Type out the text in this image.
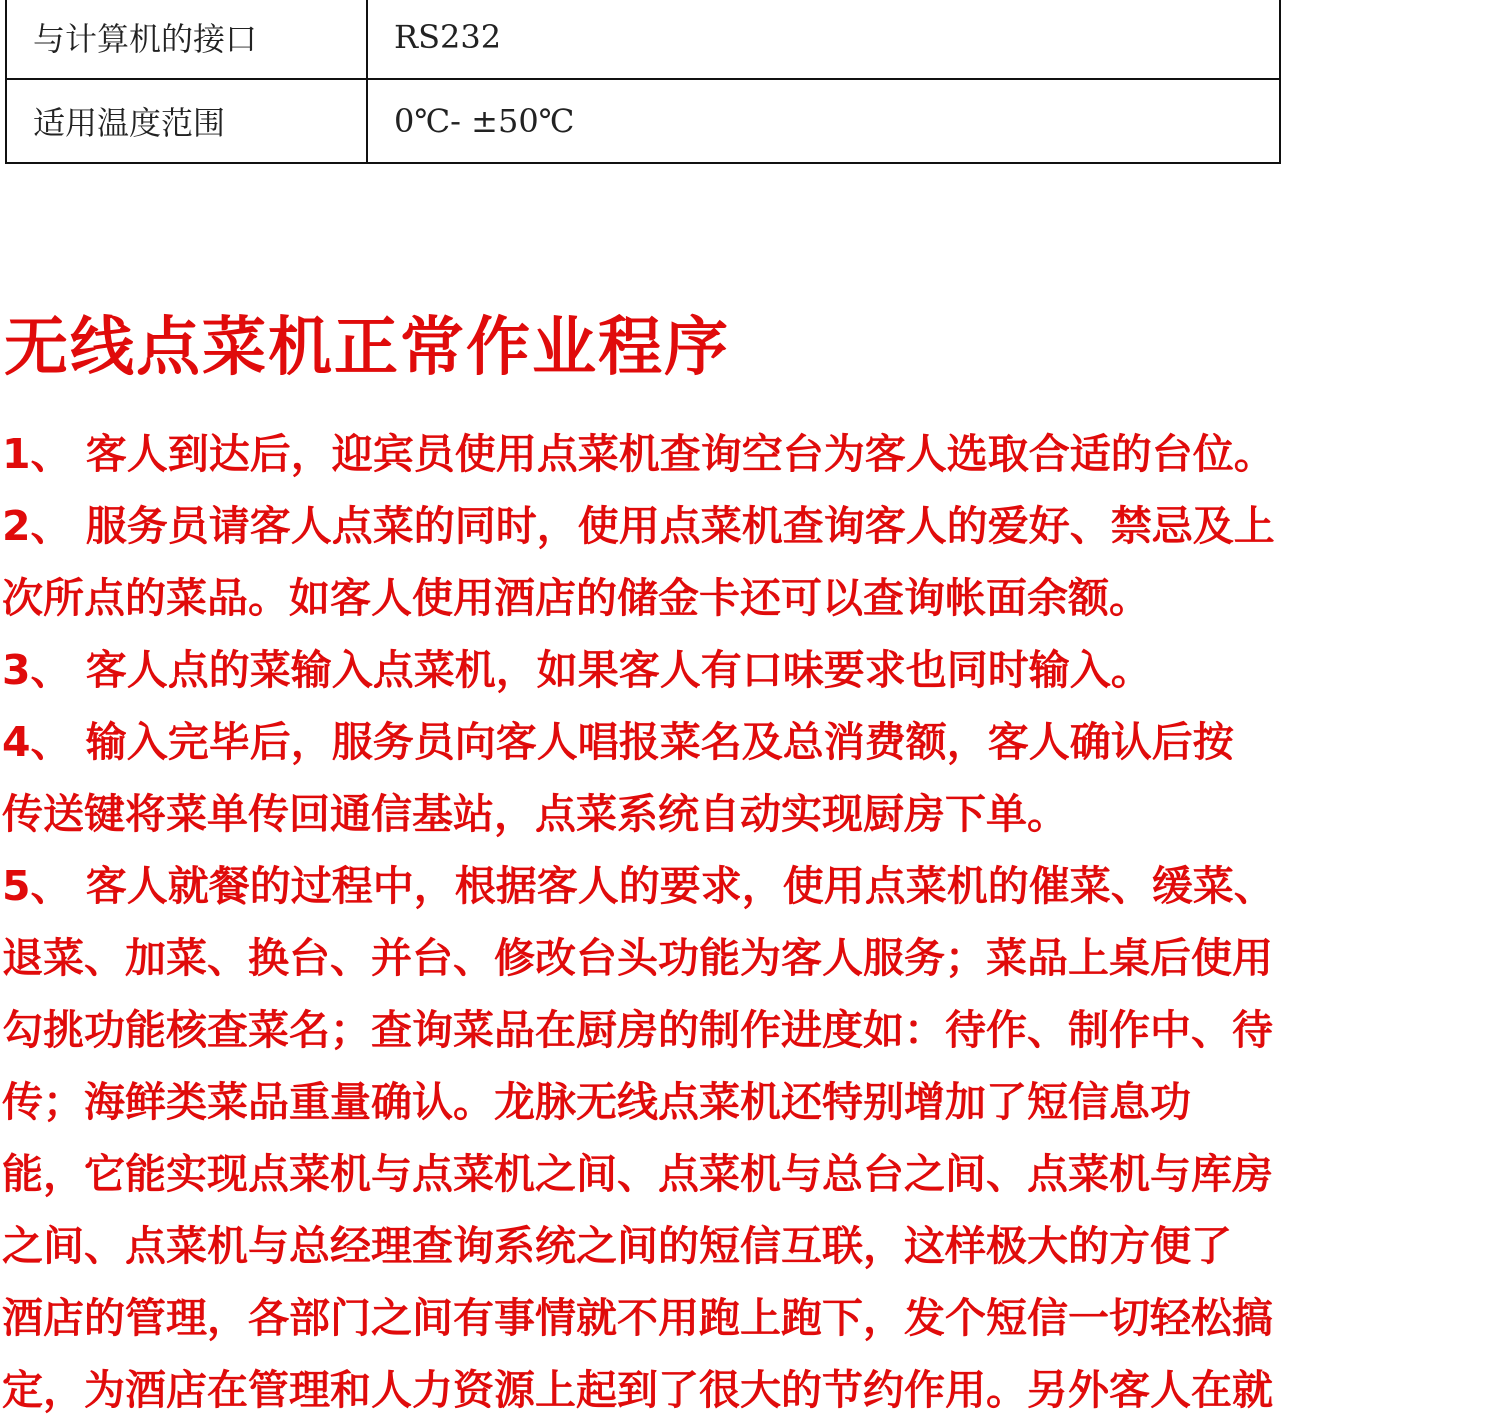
与计算机的接口	RS232
适用温度范围	0℃- ±50℃
无线点菜机正常作业程序
1、 客人到达后，迎宾员使用点菜机查询空台为客人选取合适的台位。
2、 服务员请客人点菜的同时，使用点菜机查询客人的爱好、禁忌及上
次所点的菜品。如客人使用酒店的储金卡还可以查询帐面余额。
3、 客人点的菜输入点菜机，如果客人有口味要求也同时输入。
4、 输入完毕后，服务员向客人唱报菜名及总消费额，客人确认后按
传送键将菜单传回通信基站，点菜系统自动实现厨房下单。
5、 客人就餐的过程中，根据客人的要求，使用点菜机的催菜、缓菜、
退菜、加菜、换台、并台、修改台头功能为客人服务；菜品上桌后使用
勾挑功能核查菜名；查询菜品在厨房的制作进度如：待作、制作中、待
传；海鲜类菜品重量确认。龙脉无线点菜机还特别增加了短信息功
能，它能实现点菜机与点菜机之间、点菜机与总台之间、点菜机与库房
之间、点菜机与总经理查询系统之间的短信互联，这样极大的方便了
酒店的管理，各部门之间有事情就不用跑上跑下，发个短信一切轻松搞
定，为酒店在管理和人力资源上起到了很大的节约作用。另外客人在就
